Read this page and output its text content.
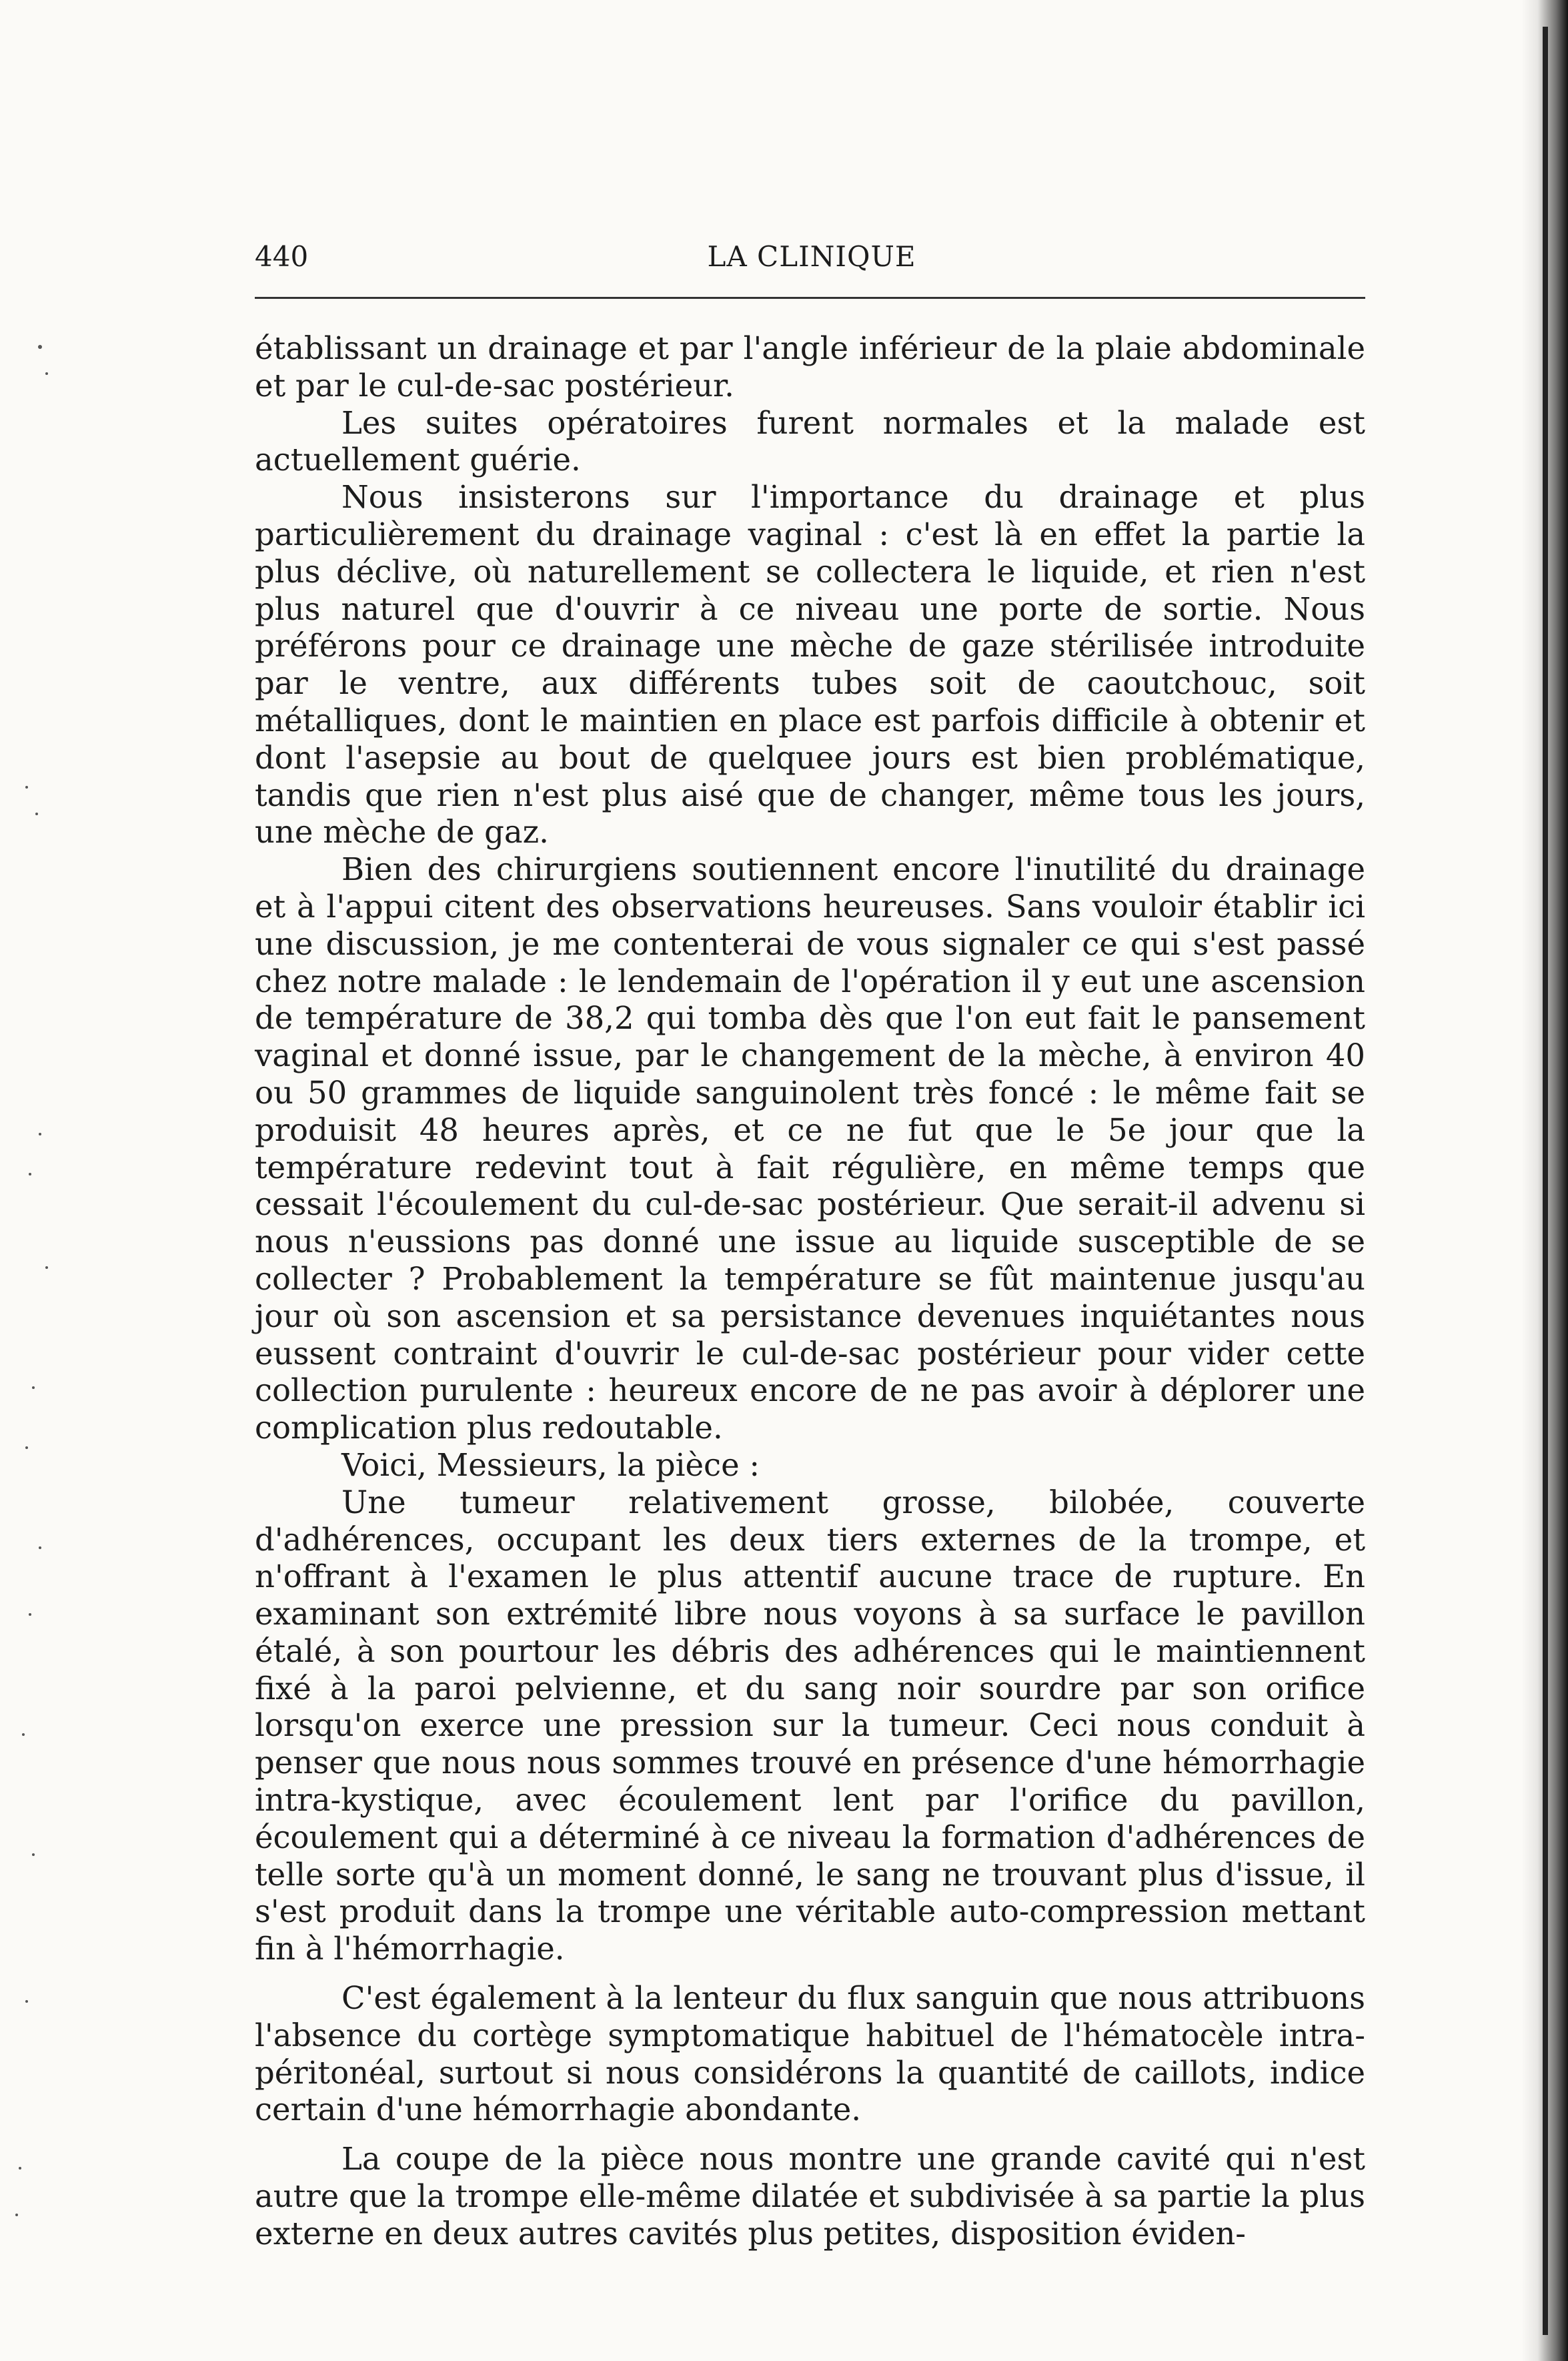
440	LA CLINIQUE

établissant un drainage et par l'angle inférieur de la plaie abdominale et par le cul-de-sac postérieur.

Les suites opératoires furent normales et la malade est actuellement guérie.

Nous insisterons sur l'importance du drainage et plus particulièrement du drainage vaginal : c'est là en effet la partie la plus déclive, où naturellement se collectera le liquide, et rien n'est plus naturel que d'ouvrir à ce niveau une porte de sortie. Nous préférons pour ce drainage une mèche de gaze stérilisée introduite par le ventre, aux différents tubes soit de caoutchouc, soit métalliques, dont le maintien en place est parfois difficile à obtenir et dont l'asepsie au bout de quelquee jours est bien problématique, tandis que rien n'est plus aisé que de changer, même tous les jours, une mèche de gaz.

Bien des chirurgiens soutiennent encore l'inutilité du drainage et à l'appui citent des observations heureuses. Sans vouloir établir ici une discussion, je me contenterai de vous signaler ce qui s'est passé chez notre malade : le lendemain de l'opération il y eut une ascension de température de 38,2 qui tomba dès que l'on eut fait le pansement vaginal et donné issue, par le changement de la mèche, à environ 40 ou 50 grammes de liquide sanguinolent très foncé : le même fait se produisit 48 heures après, et ce ne fut que le 5e jour que la température redevint tout à fait régulière, en même temps que cessait l'écoulement du cul-de-sac postérieur. Que serait-il advenu si nous n'eussions pas donné une issue au liquide susceptible de se collecter ? Probablement la température se fût maintenue jusqu'au jour où son ascension et sa persistance devenues inquiétantes nous eussent contraint d'ouvrir le cul-de-sac postérieur pour vider cette collection purulente : heureux encore de ne pas avoir à déplorer une complication plus redoutable.

Voici, Messieurs, la pièce :

Une tumeur relativement grosse, bilobée, couverte d'adhérences, occupant les deux tiers externes de la trompe, et n'offrant à l'examen le plus attentif aucune trace de rupture. En examinant son extrémité libre nous voyons à sa surface le pavillon étalé, à son pourtour les débris des adhérences qui le maintiennent fixé à la paroi pelvienne, et du sang noir sourdre par son orifice lorsqu'on exerce une pression sur la tumeur. Ceci nous conduit à penser que nous nous sommes trouvé en présence d'une hémorrhagie intra-kystique, avec écoulement lent par l'orifice du pavillon, écoulement qui a déterminé à ce niveau la formation d'adhérences de telle sorte qu'à un moment donné, le sang ne trouvant plus d'issue, il s'est produit dans la trompe une véritable auto-compression mettant fin à l'hémorrhagie.

C'est également à la lenteur du flux sanguin que nous attribuons l'absence du cortège symptomatique habituel de l'hématocèle intra-péritonéal, surtout si nous considérons la quantité de caillots, indice certain d'une hémorrhagie abondante.

La coupe de la pièce nous montre une grande cavité qui n'est autre que la trompe elle-même dilatée et subdivisée à sa partie la plus externe en deux autres cavités plus petites, disposition éviden-
